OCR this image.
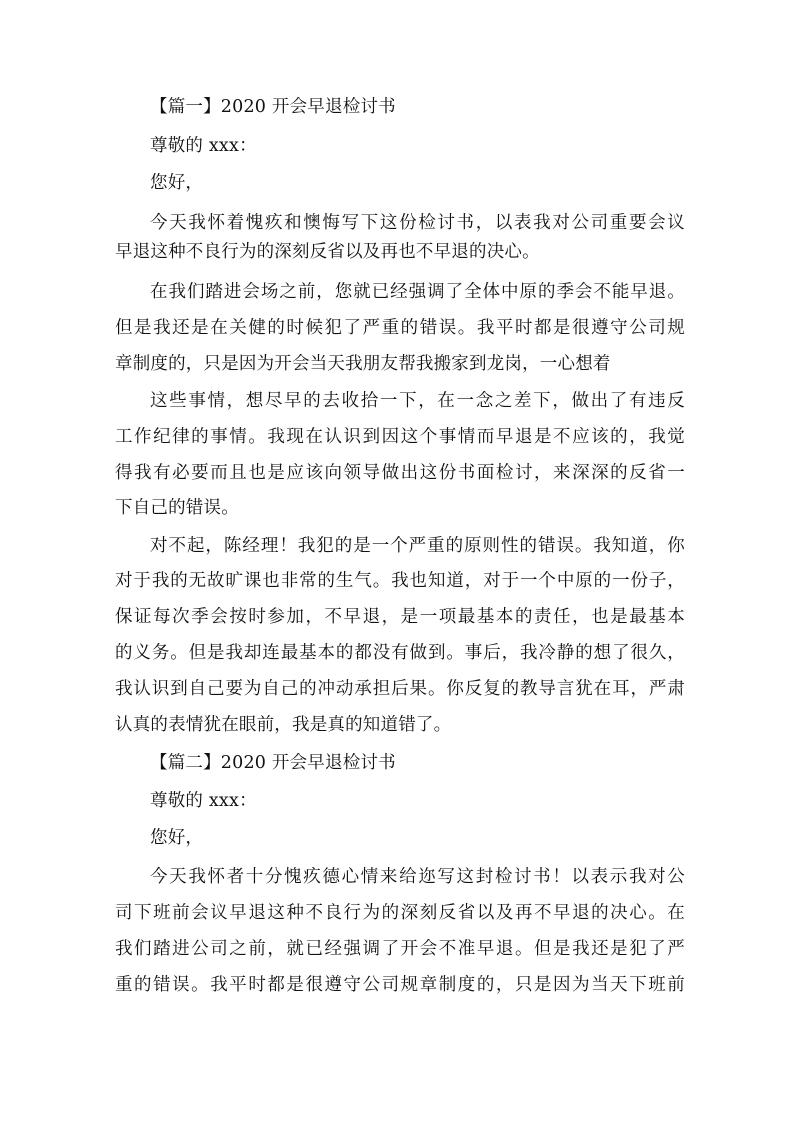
【篇一】2020 开会早退检讨书
尊敬的 xxx：
您好，
今天我怀着愧疚和懊悔写下这份检讨书，以表我对公司重要会议
早退这种不良行为的深刻反省以及再也不早退的决心。
在我们踏进会场之前，您就已经强调了全体中原的季会不能早退。
但是我还是在关健的时候犯了严重的错误。我平时都是很遵守公司规
章制度的，只是因为开会当天我朋友帮我搬家到龙岗，一心想着
这些事情，想尽早的去收拾一下，在一念之差下，做出了有违反
工作纪律的事情。我现在认识到因这个事情而早退是不应该的，我觉
得我有必要而且也是应该向领导做出这份书面检讨，来深深的反省一
下自己的错误。
对不起，陈经理！我犯的是一个严重的原则性的错误。我知道，你
对于我的无故旷课也非常的生气。我也知道，对于一个中原的一份子，
保证每次季会按时参加，不早退，是一项最基本的责任，也是最基本
的义务。但是我却连最基本的都没有做到。事后，我冷静的想了很久，
我认识到自己要为自己的冲动承担后果。你反复的教导言犹在耳，严肃
认真的表情犹在眼前，我是真的知道错了。
【篇二】2020 开会早退检讨书
尊敬的 xxx：
您好，
今天我怀者十分愧疚德心情来给迩写这封检讨书！以表示我对公
司下班前会议早退这种不良行为的深刻反省以及再不早退的决心。在
我们踏进公司之前，就已经强调了开会不准早退。但是我还是犯了严
重的错误。我平时都是很遵守公司规章制度的，只是因为当天下班前
